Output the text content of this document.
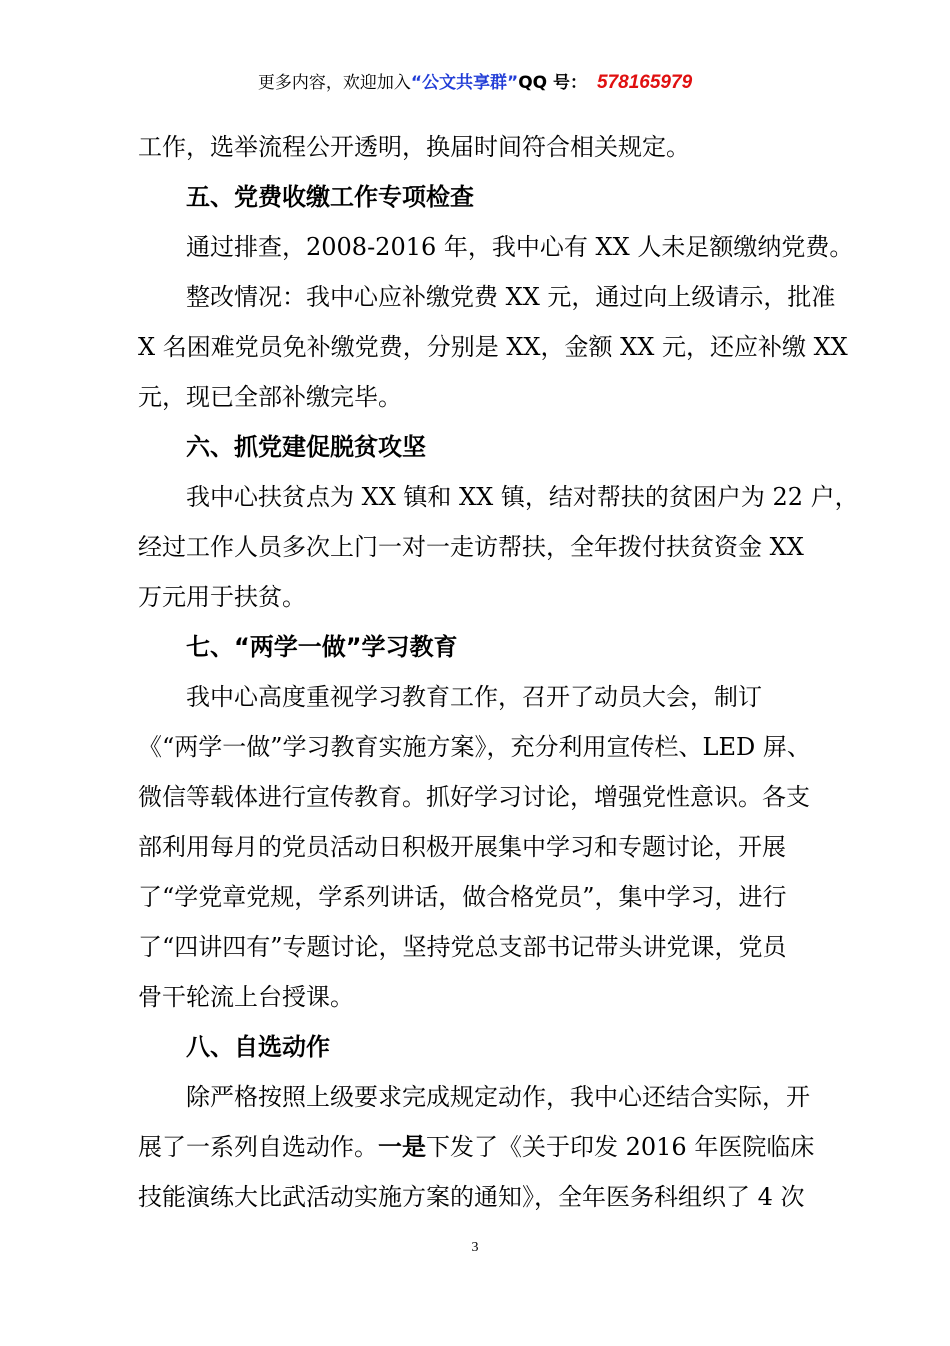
更多内容，欢迎加入“公文共享群”QQ 号： 578165979

工作，选举流程公开透明，换届时间符合相关规定。

五、党费收缴工作专项检查

通过排查，2008-2016 年，我中心有 XX 人未足额缴纳党费。

整改情况：我中心应补缴党费 XX 元，通过向上级请示，批准

X 名困难党员免补缴党费，分别是 XX，金额 XX 元，还应补缴 XX

元，现已全部补缴完毕。

六、抓党建促脱贫攻坚

我中心扶贫点为 XX 镇和 XX 镇，结对帮扶的贫困户为 22 户，

经过工作人员多次上门一对一走访帮扶，全年拨付扶贫资金 XX

万元用于扶贫。

七、“两学一做”学习教育

我中心高度重视学习教育工作，召开了动员大会，制订

《“两学一做”学习教育实施方案》，充分利用宣传栏、LED 屏、

微信等载体进行宣传教育。抓好学习讨论，增强党性意识。各支

部利用每月的党员活动日积极开展集中学习和专题讨论，开展

了“学党章党规，学系列讲话，做合格党员”，集中学习，进行

了“四讲四有”专题讨论，坚持党总支部书记带头讲党课，党员

骨干轮流上台授课。

八、自选动作

除严格按照上级要求完成规定动作，我中心还结合实际，开

展了一系列自选动作。一是下发了《关于印发 2016 年医院临床

技能演练大比武活动实施方案的通知》，全年医务科组织了 4 次

3
